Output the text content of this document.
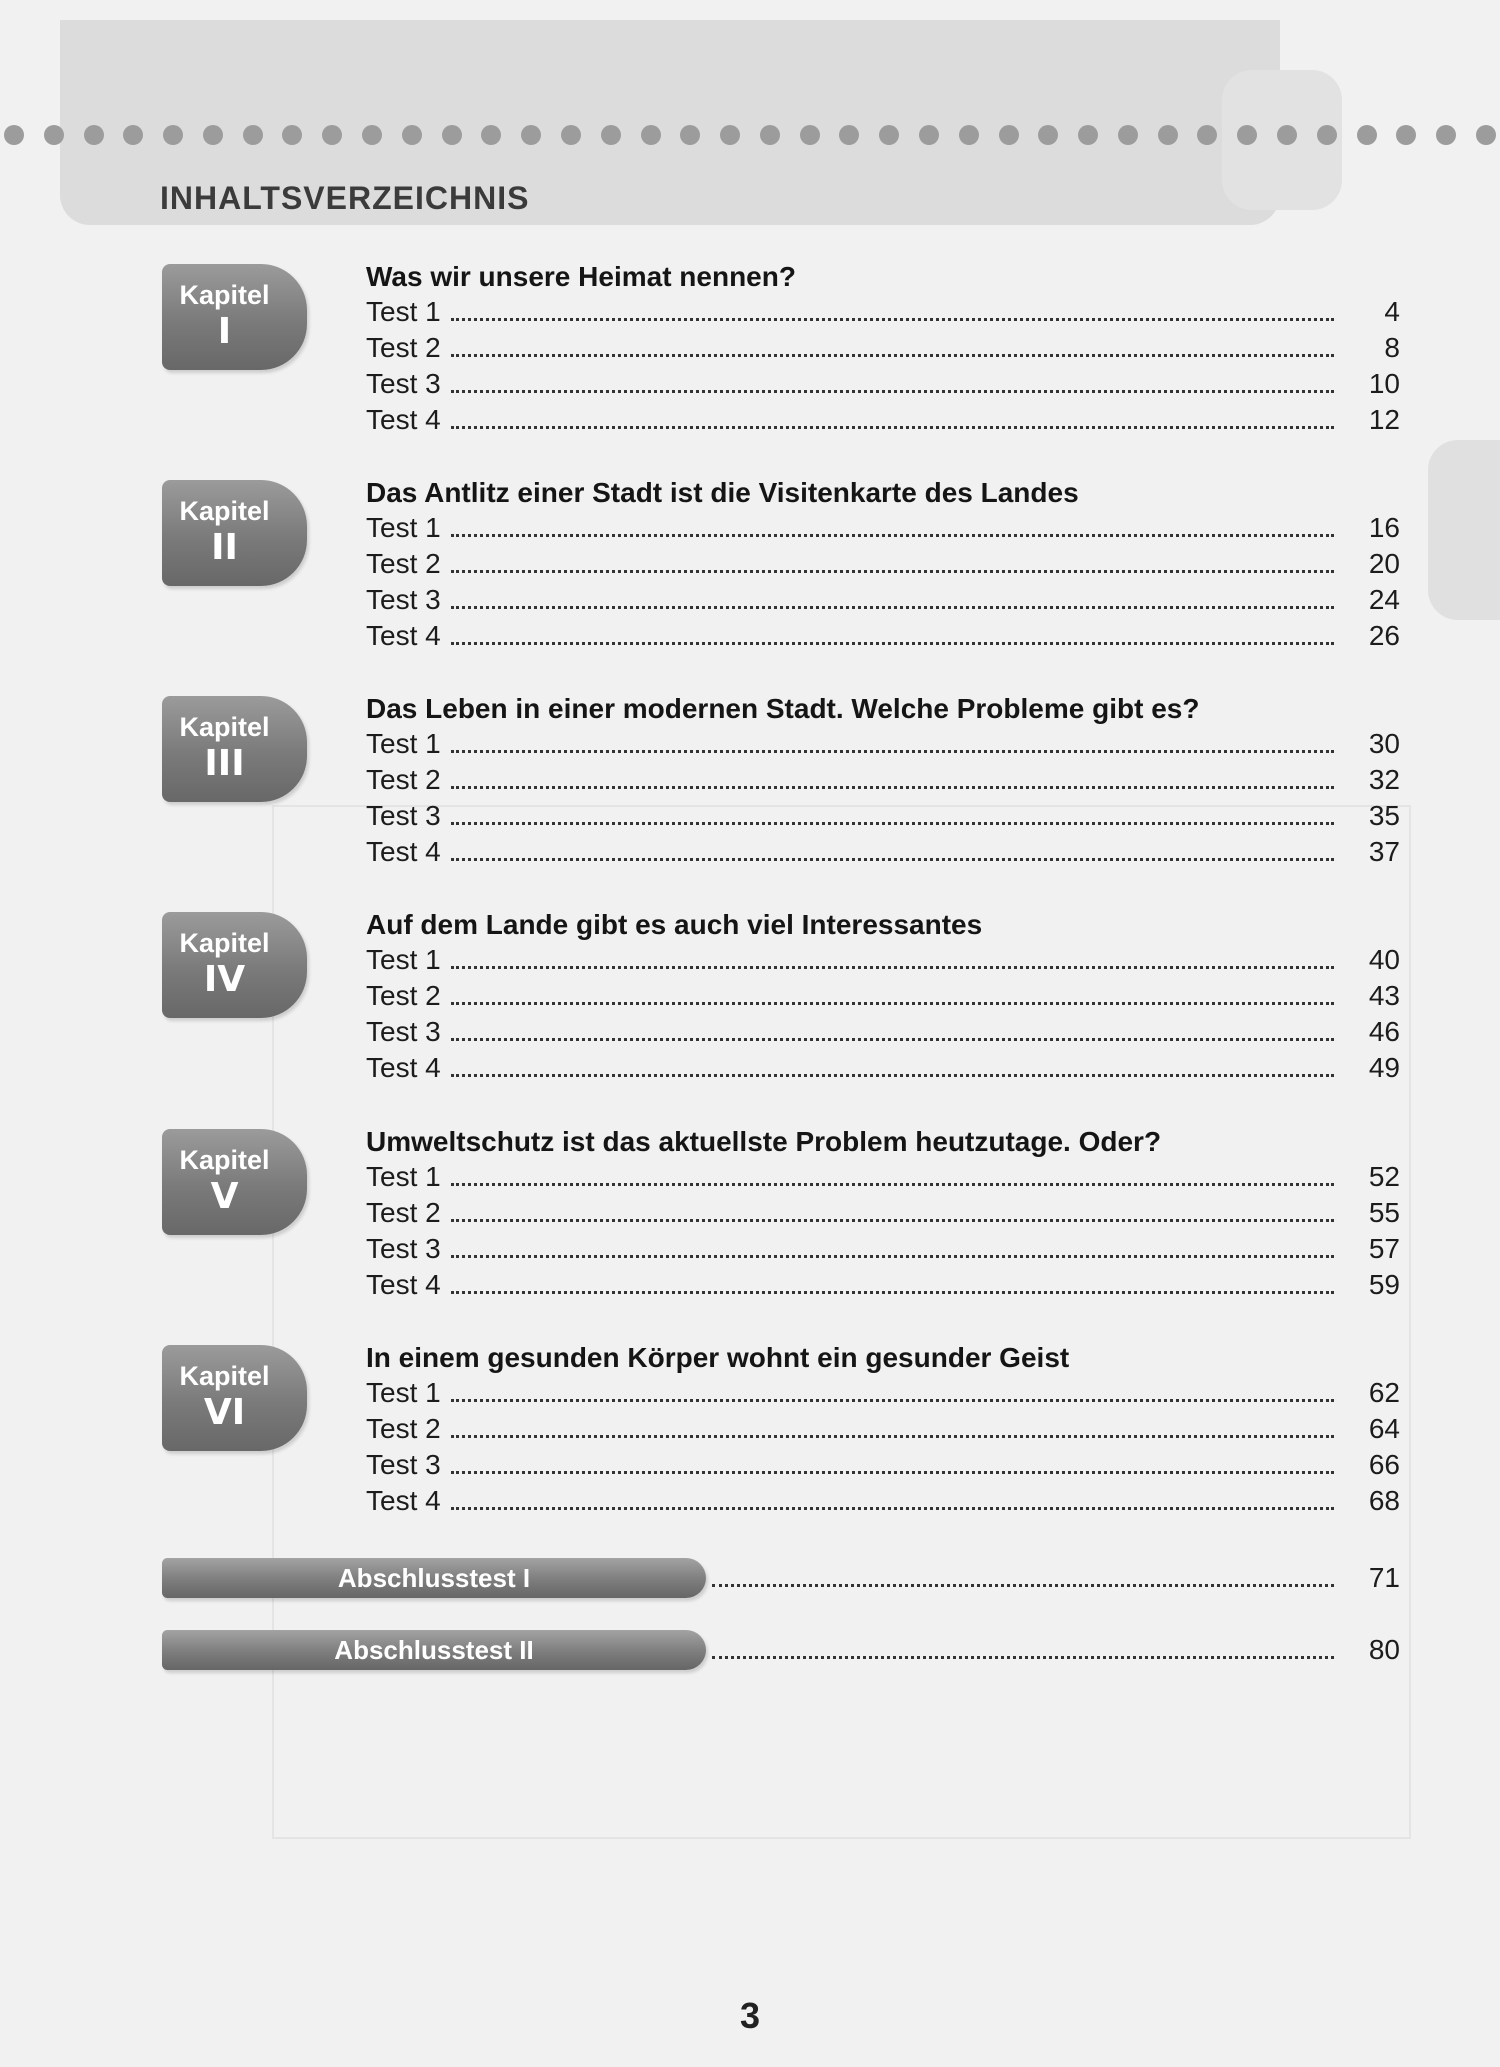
INHALTSVERZEICHNIS
Kapitel
I
Was wir unsere Heimat nennen?
Test 1	4
Test 2	8
Test 3	10
Test 4	12
Kapitel
II
Das Antlitz einer Stadt ist die Visitenkarte des Landes
Test 1	16
Test 2	20
Test 3	24
Test 4	26
Kapitel
III
Das Leben in einer modernen Stadt. Welche Probleme gibt es?
Test 1	30
Test 2	32
Test 3	35
Test 4	37
Kapitel
IV
Auf dem Lande gibt es auch viel Interessantes
Test 1	40
Test 2	43
Test 3	46
Test 4	49
Kapitel
V
Umweltschutz ist das aktuellste Problem heutzutage. Oder?
Test 1	52
Test 2	55
Test 3	57
Test 4	59
Kapitel
VI
In einem gesunden Körper wohnt ein gesunder Geist
Test 1	62
Test 2	64
Test 3	66
Test 4	68
Abschlusstest I	71
Abschlusstest II	80
3
